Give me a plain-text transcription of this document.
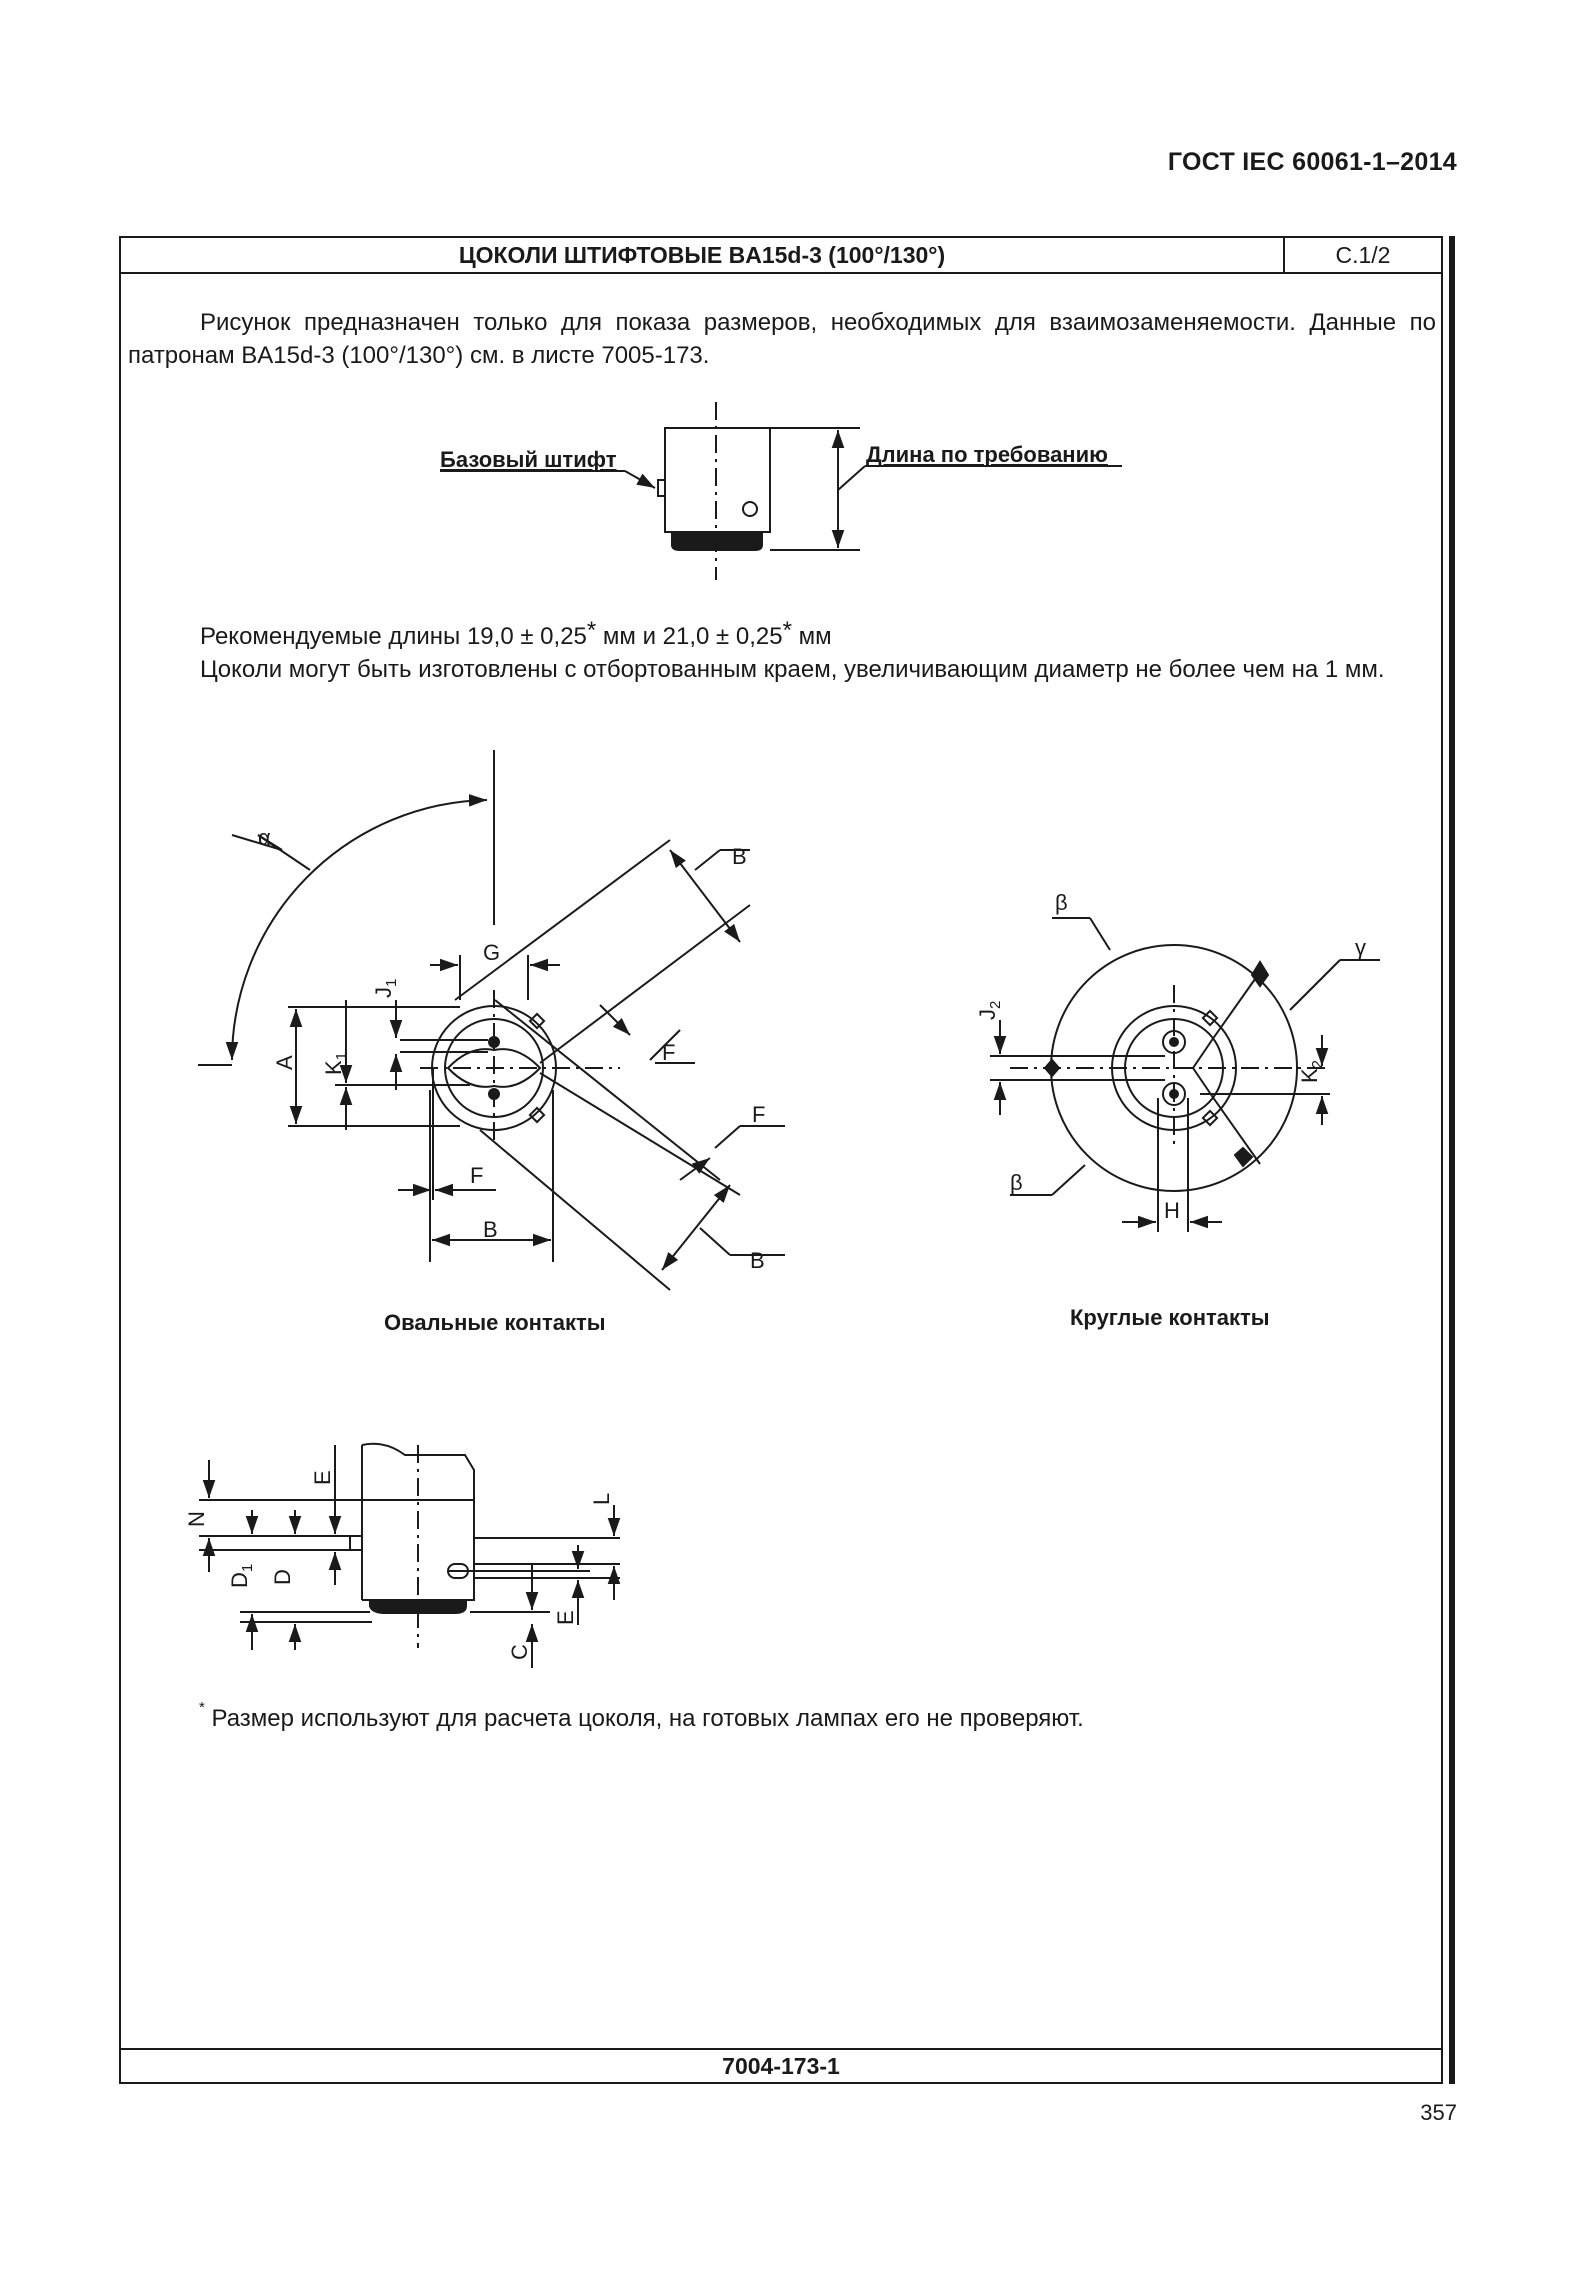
ГОСТ IEC 60061-1–2014
ЦОКОЛИ ШТИФТОВЫЕ BA15d-3 (100°/130°)	С.1/2
Рисунок предназначен только для показа размеров, необходимых для взаимозаменяемости. Данные по патронам BA15d-3 (100°/130°) см. в листе 7005-173.
Рекомендуемые длины 19,0 ± 0,25* мм и 21,0 ± 0,25* мм
Цоколи могут быть изготовлены с отбортованным краем, увеличивающим диаметр не более чем на 1 мм.
* Размер используют для расчета цоколя, на готовых лампах его не проверяют.
7004-173-1
Базовый штифт	Длина по требованию
α
B
G
$J_1$
A $K_1$	F
F
F
B
B
Овальные контакты
β
γ
$J_2$
$K_2$
β
H
Круглые контакты
E
N
L
$D_1$
D
E
C
357
